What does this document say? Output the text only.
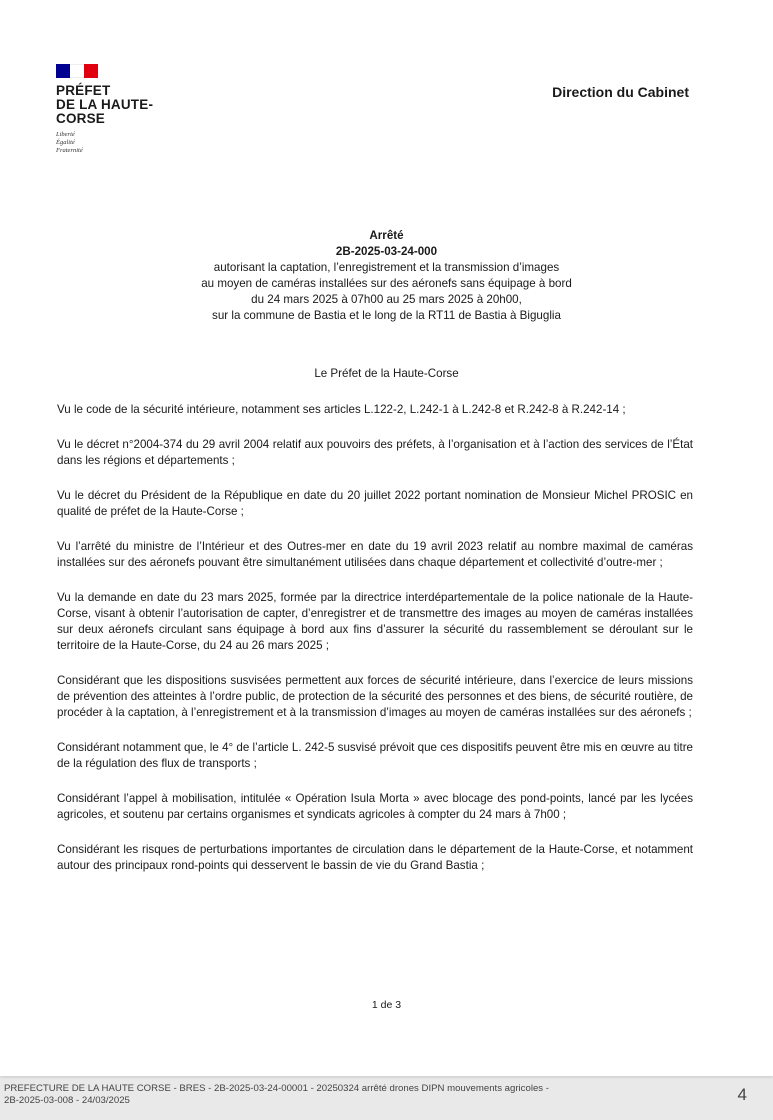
PRÉFET
DE LA HAUTE-
CORSE
Liberté
Égalité
Fraternité
Direction du Cabinet
Arrêté
2B-2025-03-24-000
autorisant la captation, l’enregistrement et la transmission d’images
au moyen de caméras installées sur des aéronefs sans équipage à bord
du 24 mars 2025 à 07h00 au 25 mars 2025 à 20h00,
sur la commune de Bastia et le long de la RT11 de Bastia à Biguglia
Le Préfet de la Haute-Corse

Vu le code de la sécurité intérieure, notamment ses articles L.122-2, L.242-1 à L.242-8 et R.242-8 à R.242-14 ;

Vu le décret n°2004-374 du 29 avril 2004 relatif aux pouvoirs des préfets, à l’organisation et à l’action des services de l’État dans les régions et départements ;

Vu le décret du Président de la République en date du 20 juillet 2022 portant nomination de Monsieur Michel PROSIC en qualité de préfet de la Haute-Corse ;

Vu l’arrêté du ministre de l’Intérieur et des Outres-mer en date du 19 avril 2023 relatif au nombre maximal de caméras installées sur des aéronefs pouvant être simultanément utilisées dans chaque département et collectivité d’outre-mer ;

Vu la demande en date du 23 mars 2025, formée par la directrice interdépartementale de la police nationale de la Haute-Corse, visant à obtenir l’autorisation de capter, d’enregistrer et de transmettre des images au moyen de caméras installées sur deux aéronefs circulant sans équipage à bord aux fins d’assurer la sécurité du rassemblement se déroulant sur le territoire de la Haute-Corse, du 24 au 26 mars 2025 ;

Considérant que les dispositions susvisées permettent aux forces de sécurité intérieure, dans l’exercice de leurs missions de prévention des atteintes à l’ordre public, de protection de la sécurité des personnes et des biens, de sécurité routière, de procéder à la captation, à l’enregistrement et à la transmission d’images au moyen de caméras installées sur des aéronefs ;

Considérant notamment que, le 4° de l’article L. 242-5 susvisé prévoit que ces dispositifs peuvent être mis en œuvre au titre de la régulation des flux de transports ;

Considérant l’appel à mobilisation, intitulée « Opération Isula Morta » avec blocage des pond-points, lancé par les lycées agricoles, et soutenu par certains organismes et syndicats agricoles à compter du 24 mars à 7h00 ;

Considérant les risques de perturbations importantes de circulation dans le département de la Haute-Corse, et notamment autour des principaux rond-points qui desservent le bassin de vie du Grand Bastia ;

1 de 3
PREFECTURE DE LA HAUTE CORSE - BRES - 2B-2025-03-24-00001 - 20250324 arrêté drones DIPN mouvements agricoles -
2B-2025-03-008 - 24/03/2025	4
